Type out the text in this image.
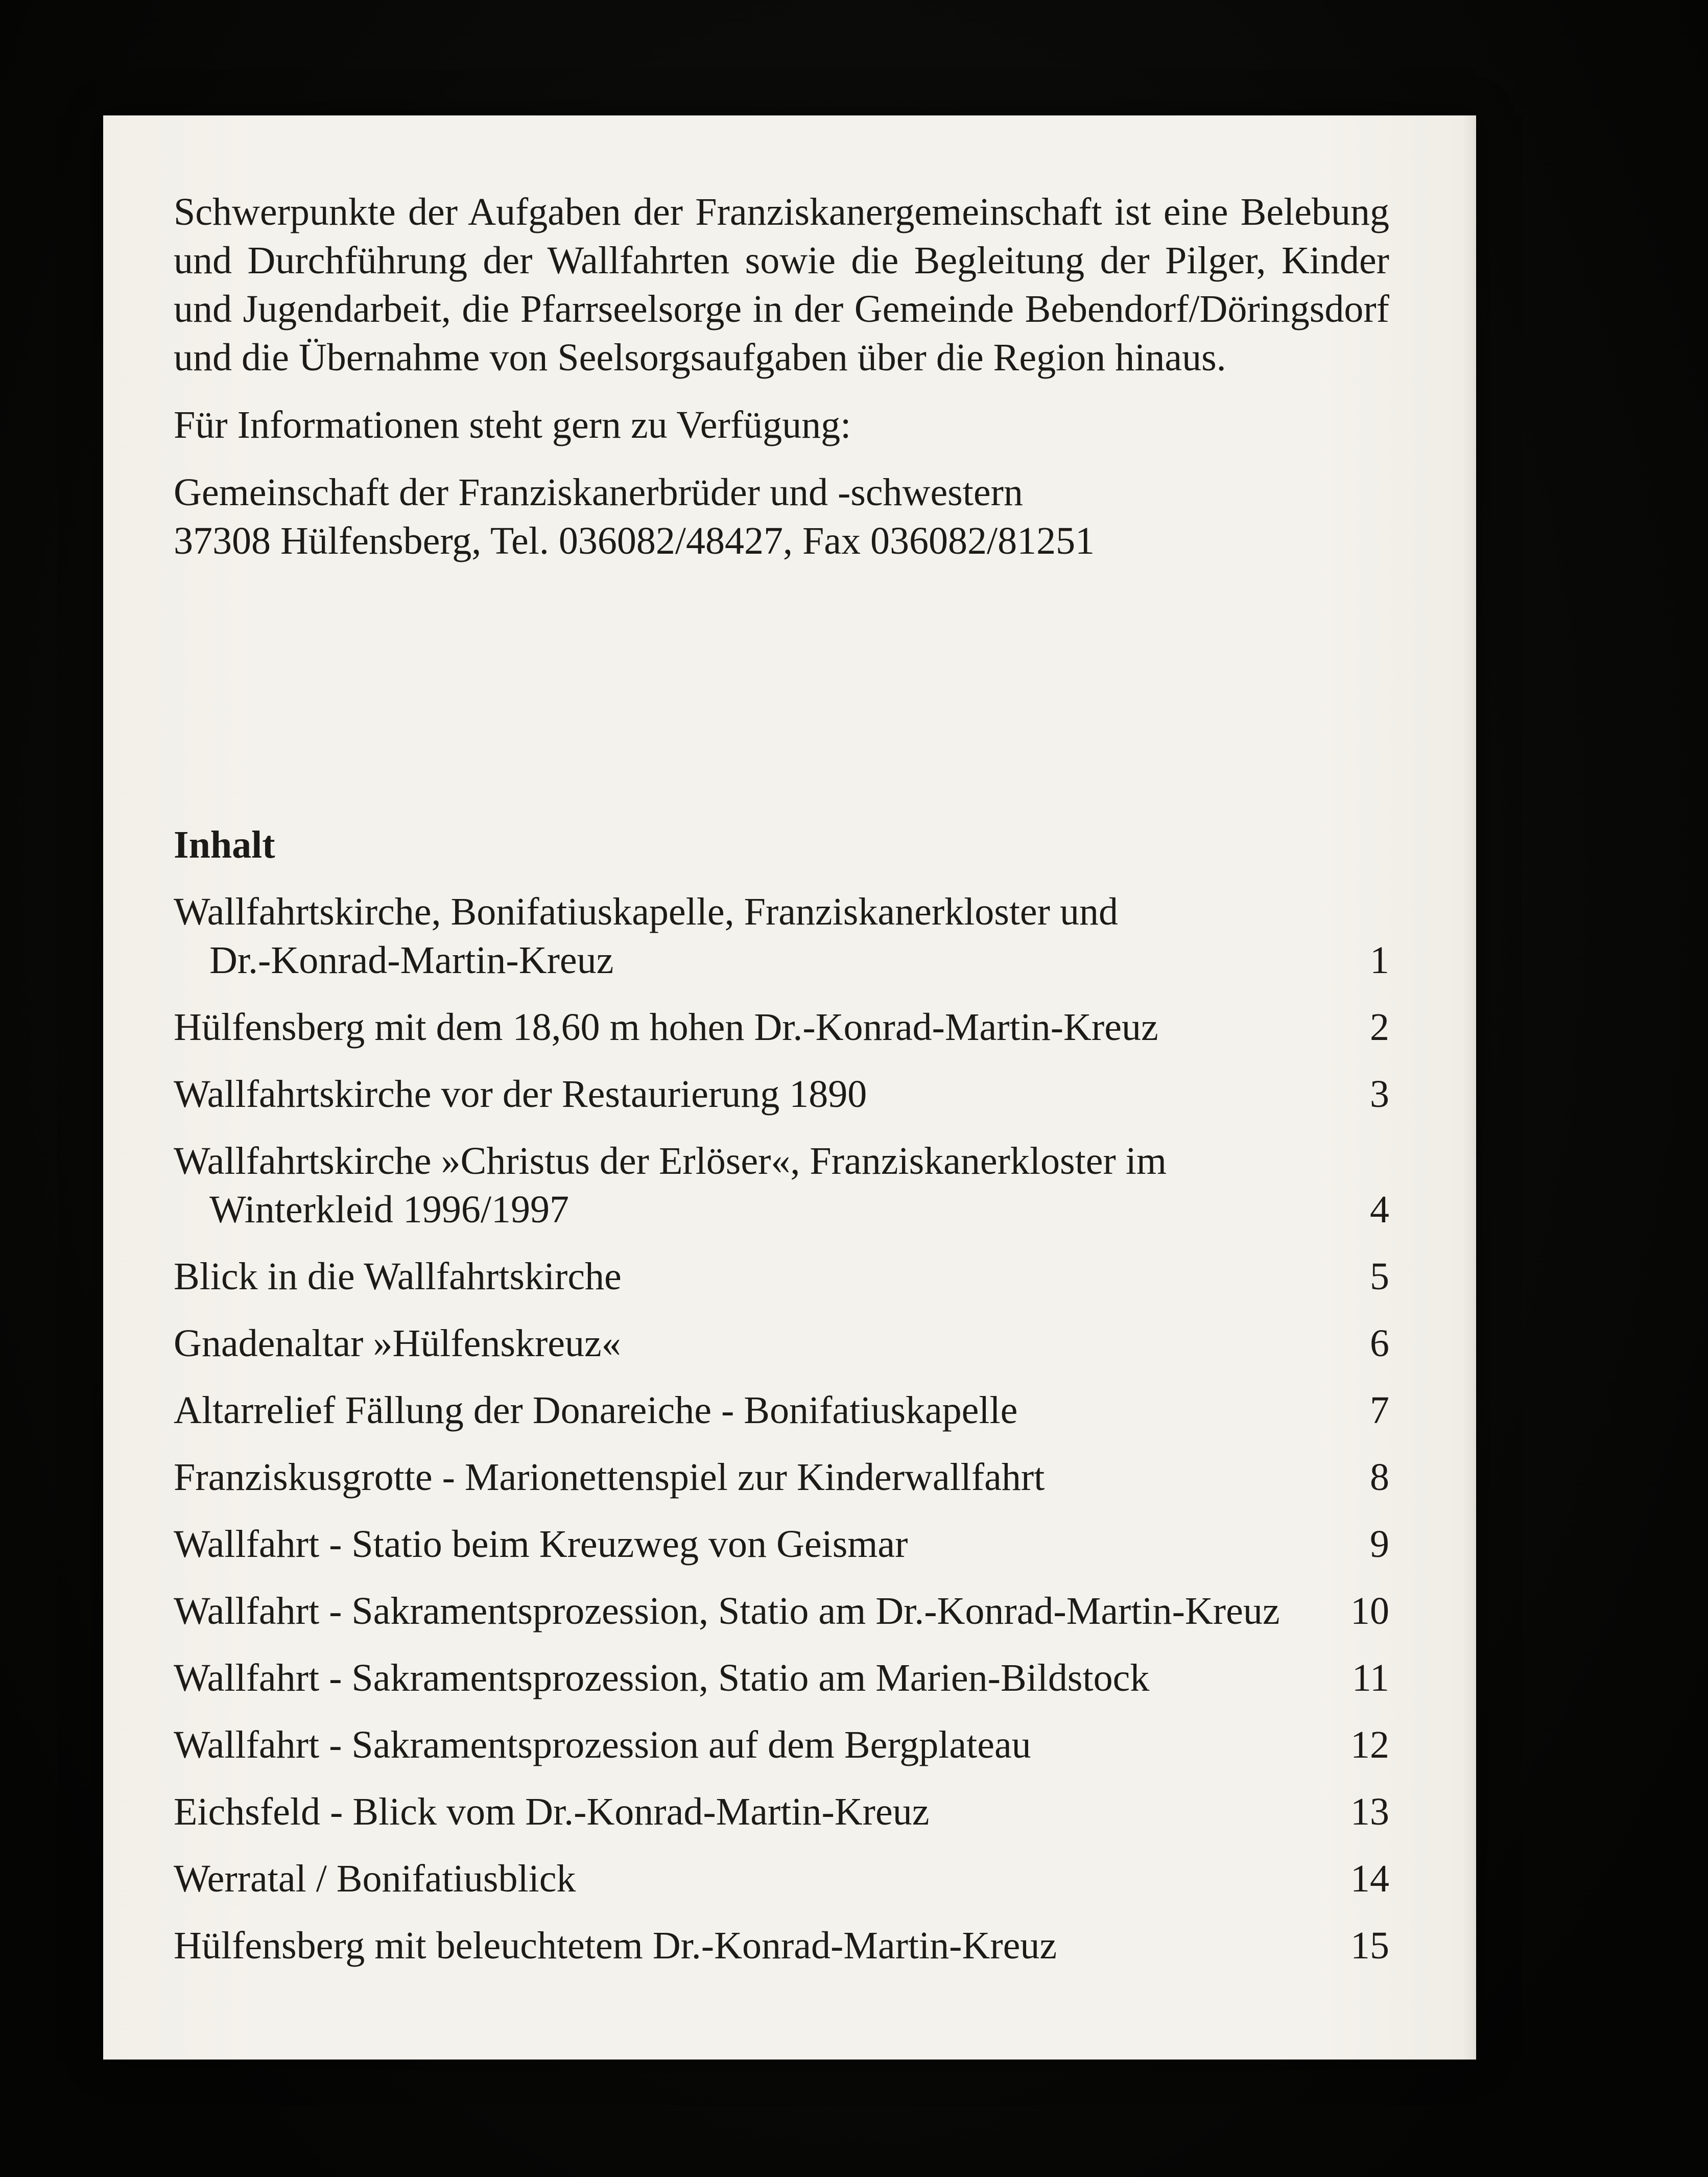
Schwerpunkte der Aufgaben der Franziskanergemeinschaft ist eine Belebung
und Durchführung der Wallfahrten sowie die Begleitung der Pilger, Kinder
und Jugendarbeit, die Pfarrseelsorge in der Gemeinde Bebendorf/Döringsdorf
und die Übernahme von Seelsorgsaufgaben über die Region hinaus.
Für Informationen steht gern zu Verfügung:
Gemeinschaft der Franziskanerbrüder und -schwestern
37308 Hülfensberg, Tel. 036082/48427, Fax 036082/81251
Inhalt
Wallfahrtskirche, Bonifatiuskapelle, Franziskanerkloster und
Dr.-Konrad-Martin-Kreuz	1
Hülfensberg mit dem 18,60 m hohen Dr.-Konrad-Martin-Kreuz	2
Wallfahrtskirche vor der Restaurierung 1890	3
Wallfahrtskirche »Christus der Erlöser«, Franziskanerkloster im
Winterkleid 1996/1997	4
Blick in die Wallfahrtskirche	5
Gnadenaltar »Hülfenskreuz«	6
Altarrelief Fällung der Donareiche - Bonifatiuskapelle	7
Franziskusgrotte - Marionettenspiel zur Kinderwallfahrt	8
Wallfahrt - Statio beim Kreuzweg von Geismar	9
Wallfahrt - Sakramentsprozession, Statio am Dr.-Konrad-Martin-Kreuz	10
Wallfahrt - Sakramentsprozession, Statio am Marien-Bildstock	11
Wallfahrt - Sakramentsprozession auf dem Bergplateau	12
Eichsfeld - Blick vom Dr.-Konrad-Martin-Kreuz	13
Werratal / Bonifatiusblick	14
Hülfensberg mit beleuchtetem Dr.-Konrad-Martin-Kreuz	15
